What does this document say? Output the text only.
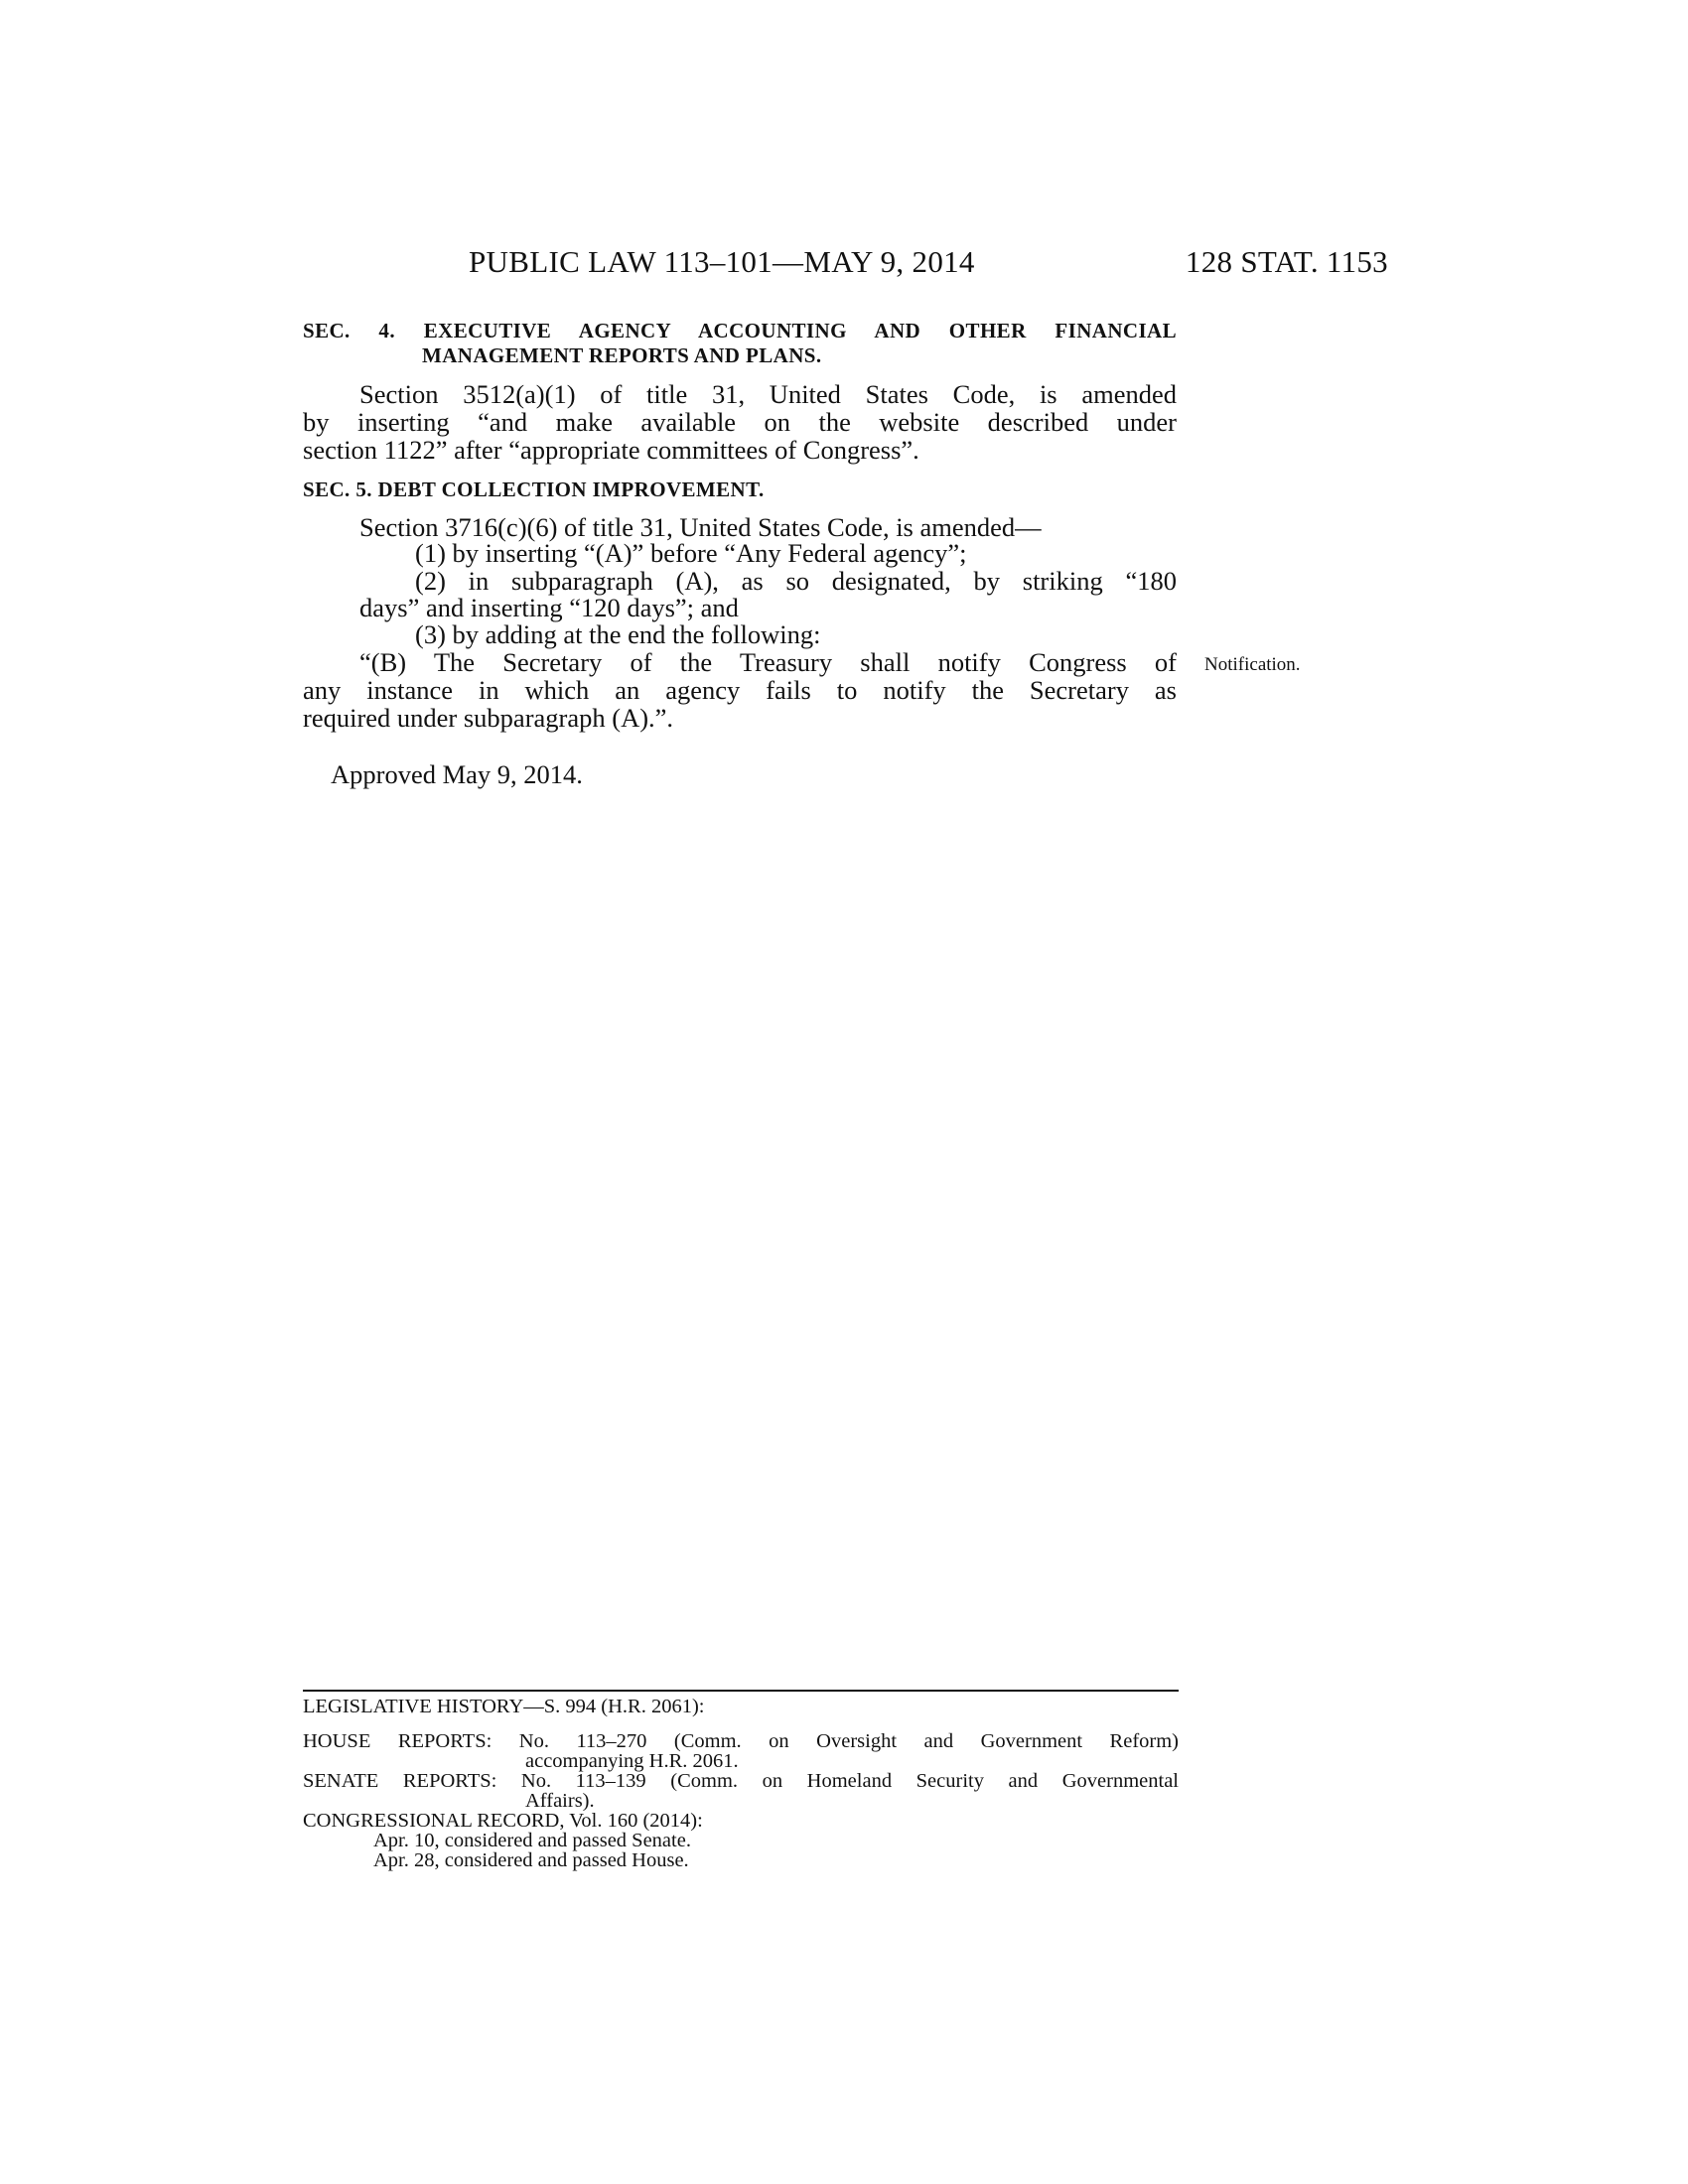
PUBLIC LAW 113–101—MAY 9, 2014	128 STAT. 1153
SEC. 4. EXECUTIVE AGENCY ACCOUNTING AND OTHER FINANCIAL
MANAGEMENT REPORTS AND PLANS.
Section 3512(a)(1) of title 31, United States Code, is amended
by inserting “and make available on the website described under
section 1122” after “appropriate committees of Congress”.
SEC. 5. DEBT COLLECTION IMPROVEMENT.
Section 3716(c)(6) of title 31, United States Code, is amended—
(1) by inserting “(A)” before “Any Federal agency”;
(2) in subparagraph (A), as so designated, by striking “180
days” and inserting “120 days”; and
(3) by adding at the end the following:
“(B) The Secretary of the Treasury shall notify Congress of
any instance in which an agency fails to notify the Secretary as
required under subparagraph (A).”.
Notification.
Approved May 9, 2014.
LEGISLATIVE HISTORY—S. 994 (H.R. 2061):
HOUSE REPORTS: No. 113–270 (Comm. on Oversight and Government Reform)
accompanying H.R. 2061.
SENATE REPORTS: No. 113–139 (Comm. on Homeland Security and Governmental
Affairs).
CONGRESSIONAL RECORD, Vol. 160 (2014):
Apr. 10, considered and passed Senate.
Apr. 28, considered and passed House.
